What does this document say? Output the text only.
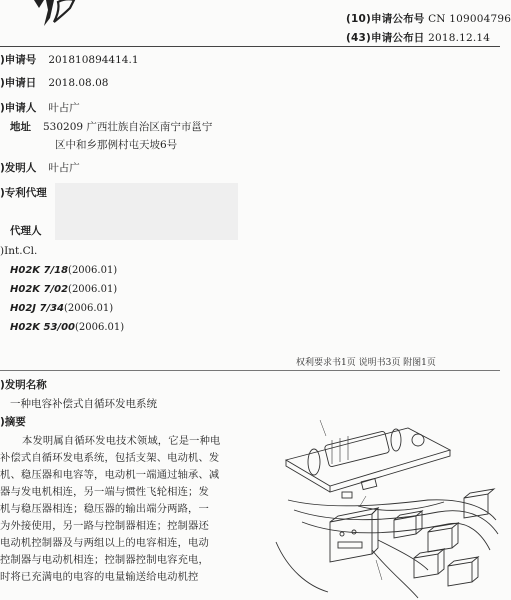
(10)申请公布号 CN 109004796
(43)申请公布日 2018.12.14
)申请号 201810894414.1
)申请日 2018.08.08
)申请人 叶占广
地址 530209 广西壮族自治区南宁市邕宁
区中和乡那例村屯天坡6号
)发明人 叶占广
)专利代理
代理人
)Int.Cl.
H02K 7/18(2006.01)
H02K 7/02(2006.01)
H02J 7/34(2006.01)
H02K 53/00(2006.01)
权利要求书1页 说明书3页 附图1页
)发明名称
一种电容补偿式自循环发电系统
)摘要

本发明属自循环发电技术领域，它是一种电

补偿式自循环发电系统，包括支架、电动机、发

机、稳压器和电容等，电动机一端通过轴承、减

器与发电机相连，另一端与惯性飞轮相连；发

机与稳压器相连；稳压器的输出端分两路，一

为外接使用，另一路与控制器相连；控制器还

电动机控制器及与两组以上的电容相连，电动

控制器与电动机相连；控制器控制电容充电，

时将已充满电的电容的电量输送给电动机控
